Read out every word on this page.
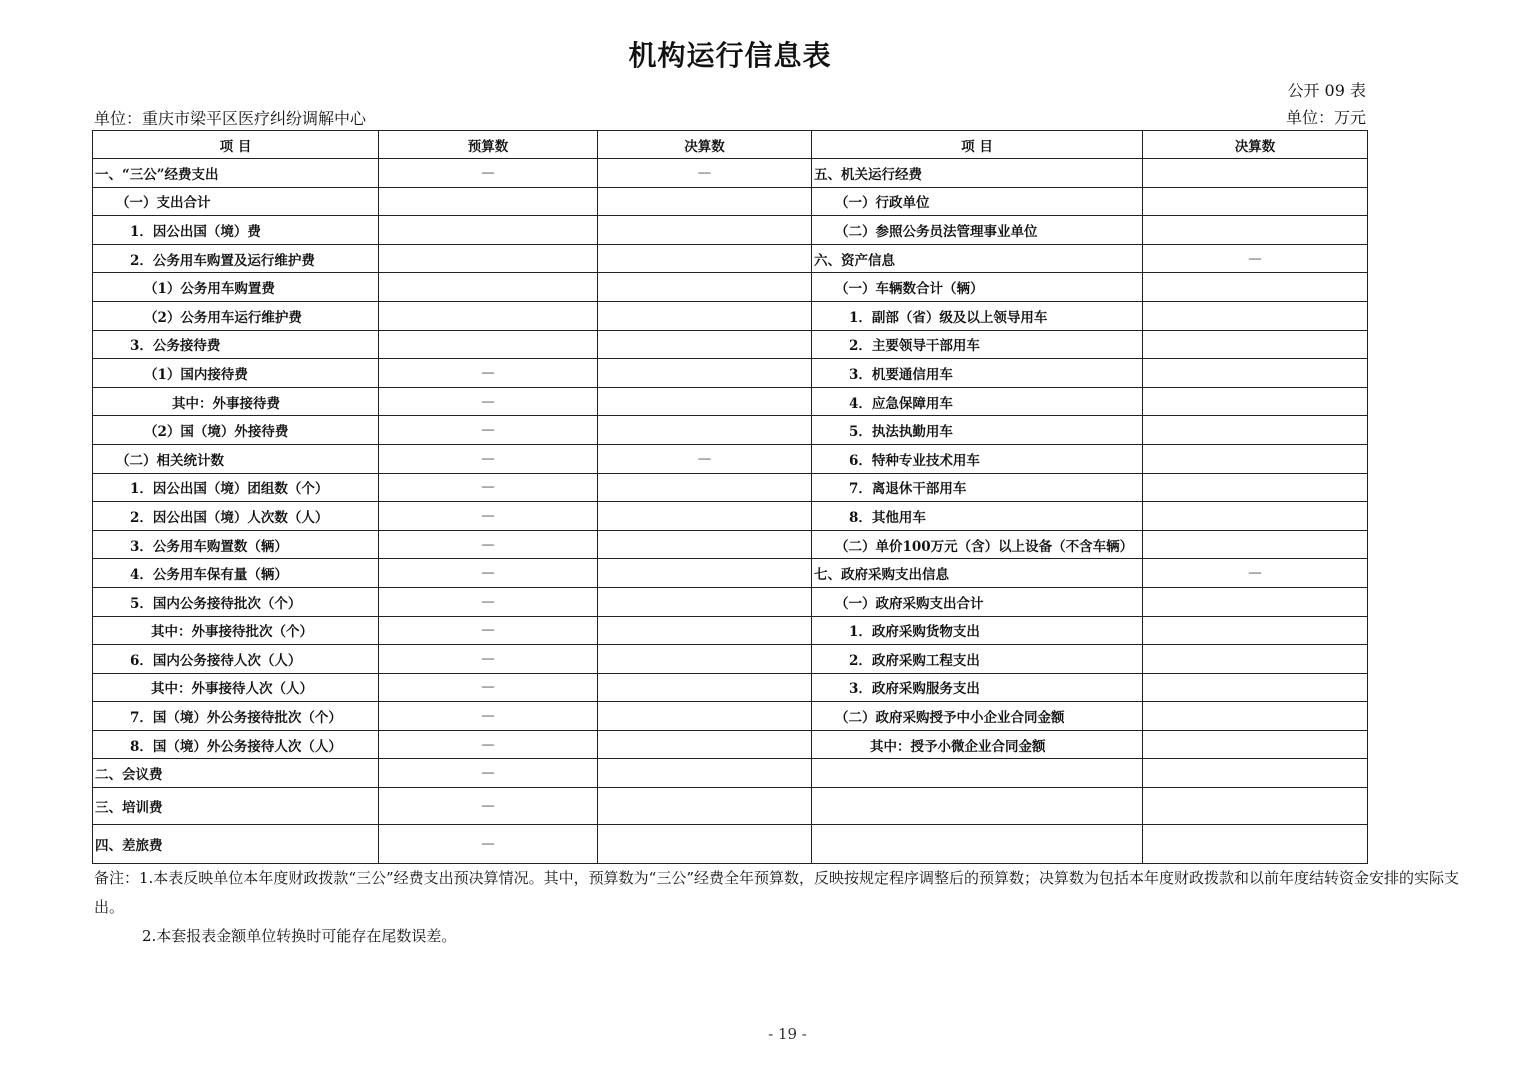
机构运行信息表
公开 09 表
单位：重庆市梁平区医疗纠纷调解中心	单位：万元
项 目	预算数	决算数	项 目	决算数
一、“三公”经费支出	—	—	五、机关运行经费	
（一）支出合计			（一）行政单位	
1．因公出国（境）费			（二）参照公务员法管理事业单位	
2．公务用车购置及运行维护费			六、资产信息	—
（1）公务用车购置费			（一）车辆数合计（辆）	
（2）公务用车运行维护费			1．副部（省）级及以上领导用车	
3．公务接待费			2．主要领导干部用车	
（1）国内接待费	—		3．机要通信用车	
其中：外事接待费	—		4．应急保障用车	
（2）国（境）外接待费	—		5．执法执勤用车	
（二）相关统计数	—	—	6．特种专业技术用车	
1．因公出国（境）团组数（个）	—		7．离退休干部用车	
2．因公出国（境）人次数（人）	—		8．其他用车	
3．公务用车购置数（辆）	—		（二）单价100万元（含）以上设备（不含车辆）	
4．公务用车保有量（辆）	—		七、政府采购支出信息	—
5．国内公务接待批次（个）	—		（一）政府采购支出合计	
其中：外事接待批次（个）	—		1．政府采购货物支出	
6．国内公务接待人次（人）	—		2．政府采购工程支出	
其中：外事接待人次（人）	—		3．政府采购服务支出	
7．国（境）外公务接待批次（个）	—		（二）政府采购授予中小企业合同金额	
8．国（境）外公务接待人次（人）	—		其中：授予小微企业合同金额	
二、会议费	—			
三、培训费	—			
四、差旅费	—			
备注：1.本表反映单位本年度财政拨款“三公”经费支出预决算情况。其中，预算数为“三公”经费全年预算数，反映按规定程序调整后的预算数；决算数为包括本年度财政拨款和以前年度结转资金安排的实际支出。
2.本套报表金额单位转换时可能存在尾数误差。
- 19 -
